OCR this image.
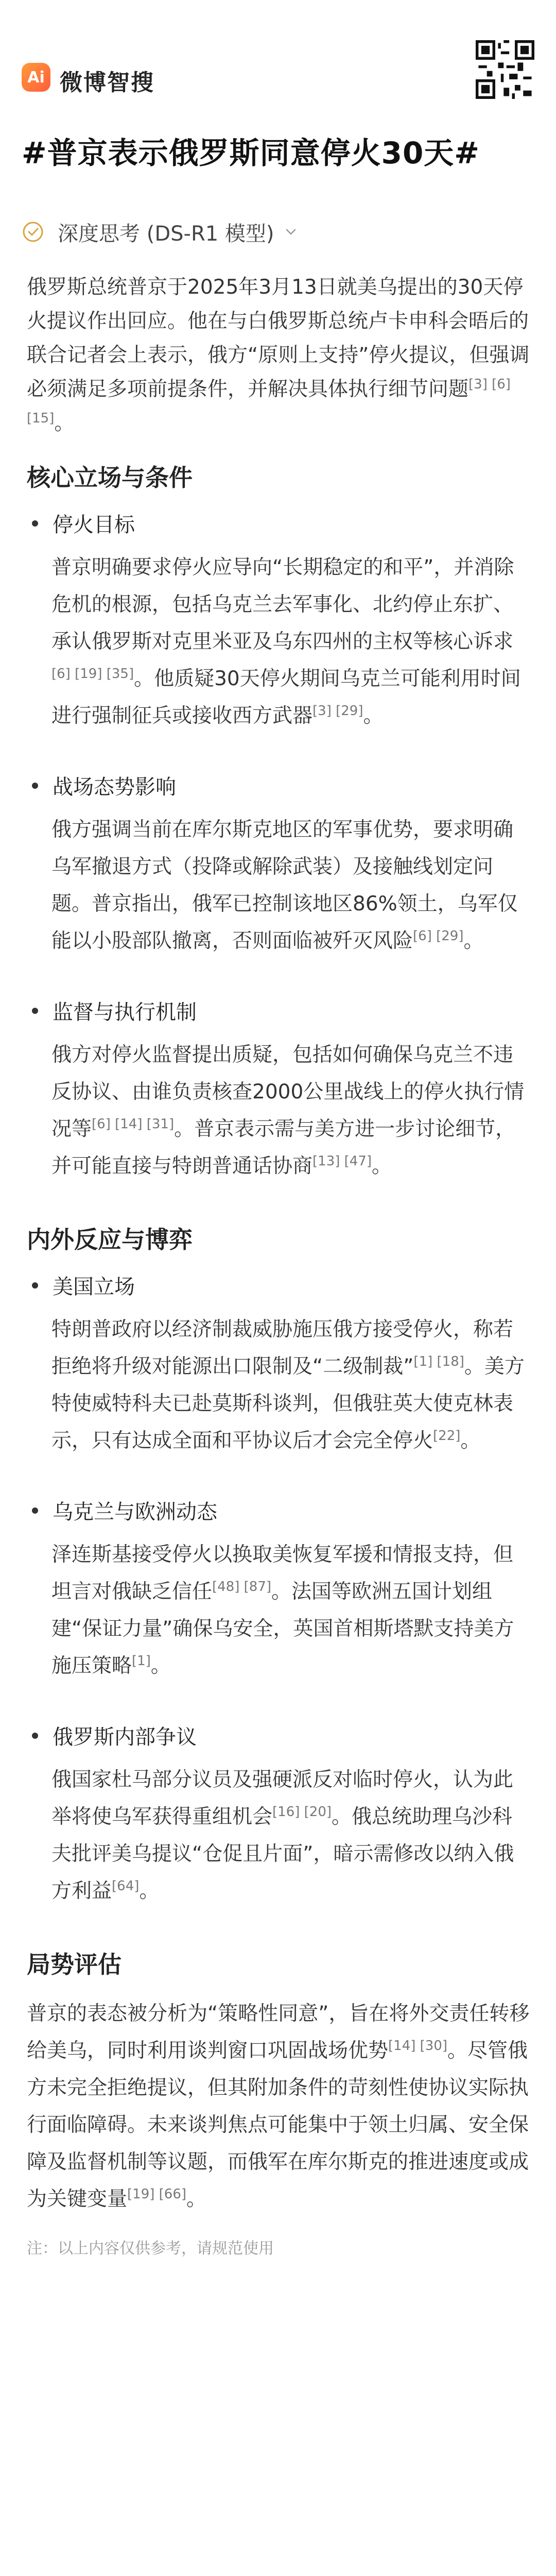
Ai 微博智搜
#普京表示俄罗斯同意停火30天#
深度思考 (DS-R1 模型)

俄罗斯总统普京于2025年3月13日就美乌提出的30天停火提议作出回应。他在与白俄罗斯总统卢卡申科会晤后的联合记者会上表示，俄方“原则上支持”停火提议，但强调必须满足多项前提条件，并解决具体执行细节问题[3] [6] [15]。

核心立场与条件
停火目标

普京明确要求停火应导向“长期稳定的和平”，并消除危机的根源，包括乌克兰去军事化、北约停止东扩、承认俄罗斯对克里米亚及乌东四州的主权等核心诉求[6] [19] [35]。他质疑30天停火期间乌克兰可能利用时间进行强制征兵或接收西方武器[3] [29]。

战场态势影响

俄方强调当前在库尔斯克地区的军事优势，要求明确乌军撤退方式（投降或解除武装）及接触线划定问题。普京指出，俄军已控制该地区86%领土，乌军仅能以小股部队撤离，否则面临被歼灭风险[6] [29]。

监督与执行机制

俄方对停火监督提出质疑，包括如何确保乌克兰不违反协议、由谁负责核查2000公里战线上的停火执行情况等[6] [14] [31]。普京表示需与美方进一步讨论细节，并可能直接与特朗普通话协商[13] [47]。

内外反应与博弈
美国立场

特朗普政府以经济制裁威胁施压俄方接受停火，称若拒绝将升级对能源出口限制及“二级制裁”[1] [18]。美方特使威特科夫已赴莫斯科谈判，但俄驻英大使克林表示，只有达成全面和平协议后才会完全停火[22]。

乌克兰与欧洲动态

泽连斯基接受停火以换取美恢复军援和情报支持，但坦言对俄缺乏信任[48] [87]。法国等欧洲五国计划组建“保证力量”确保乌安全，英国首相斯塔默支持美方施压策略[1]。

俄罗斯内部争议

俄国家杜马部分议员及强硬派反对临时停火，认为此举将使乌军获得重组机会[16] [20]。俄总统助理乌沙科夫批评美乌提议“仓促且片面”，暗示需修改以纳入俄方利益[64]。

局势评估

普京的表态被分析为“策略性同意”，旨在将外交责任转移给美乌，同时利用谈判窗口巩固战场优势[14] [30]。尽管俄方未完全拒绝提议，但其附加条件的苛刻性使协议实际执行面临障碍。未来谈判焦点可能集中于领土归属、安全保障及监督机制等议题，而俄军在库尔斯克的推进速度或成为关键变量[19] [66]。

注：以上内容仅供参考，请规范使用
